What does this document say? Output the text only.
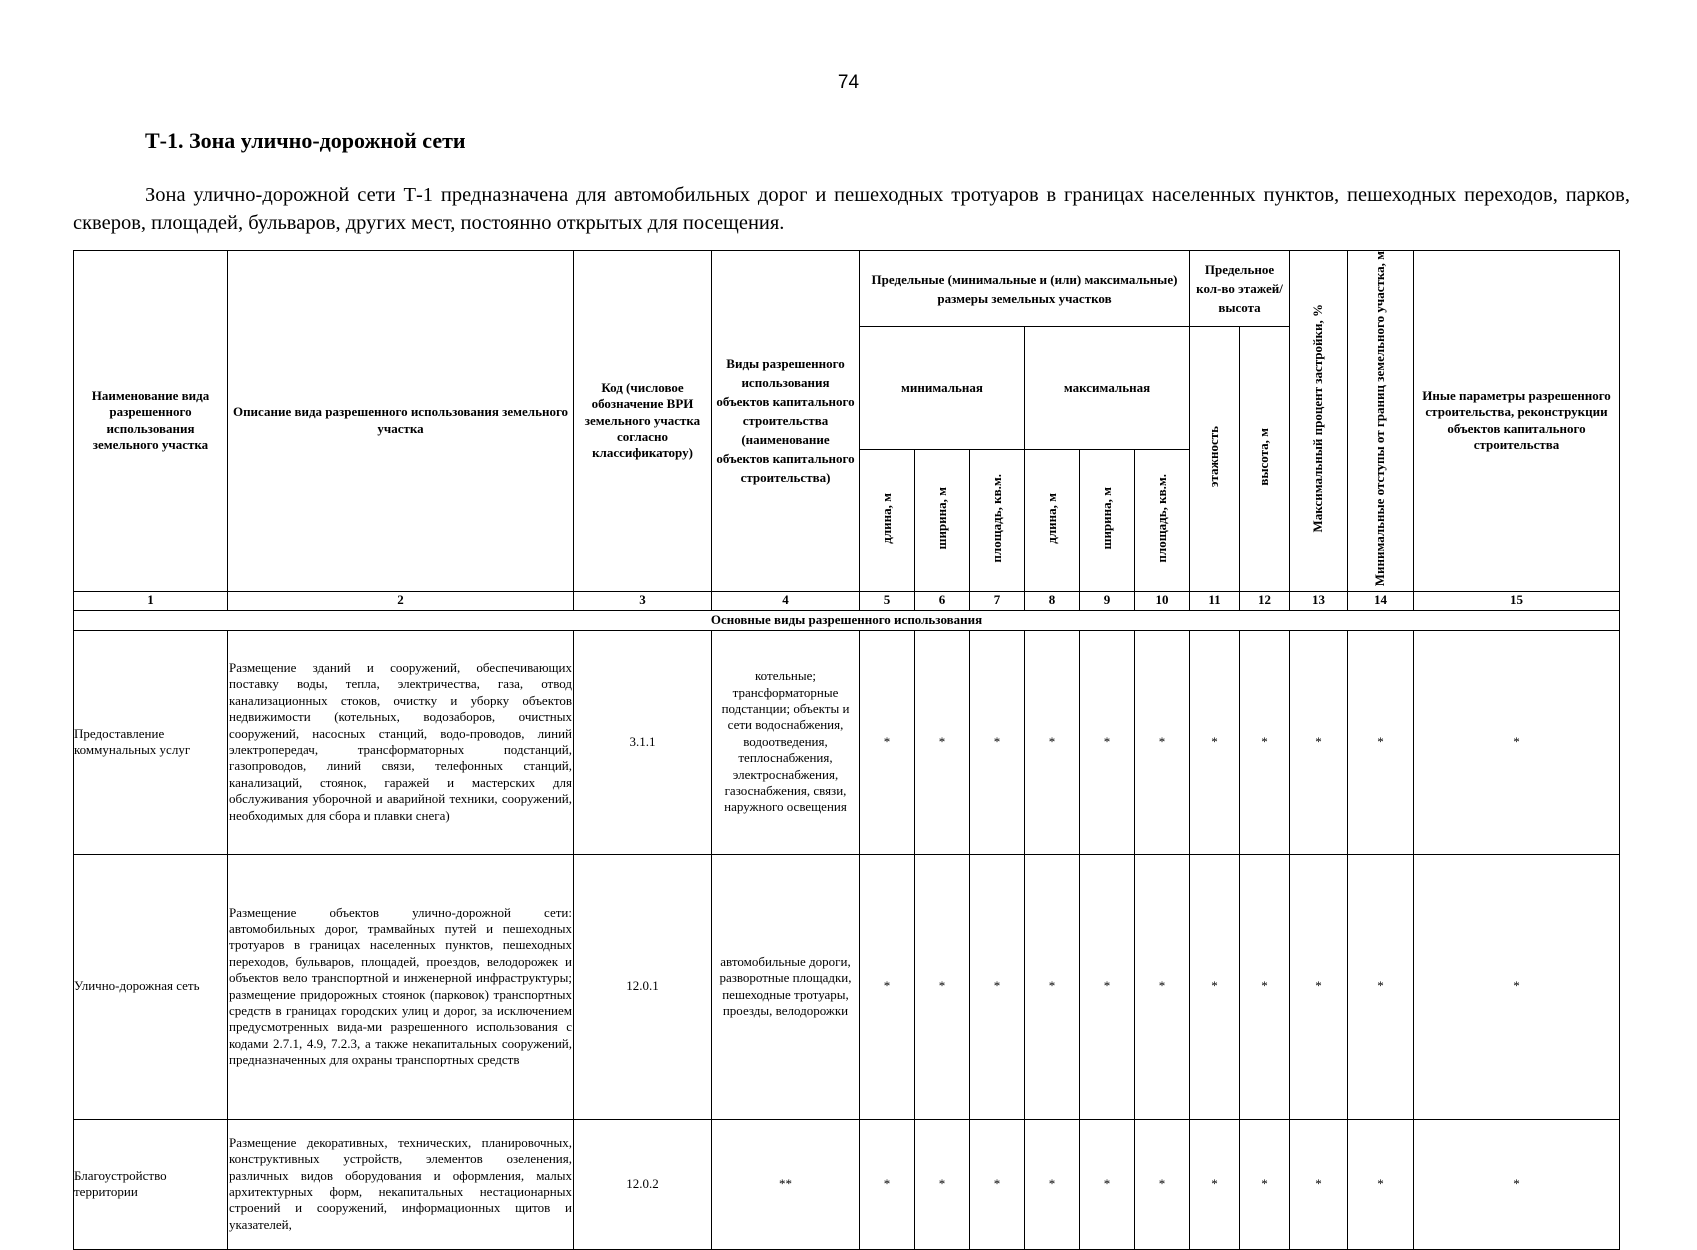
74
Т-1. Зона улично-дорожной сети

Зона улично-дорожной сети Т-1 предназначена для автомобильных дорог и пешеходных тротуаров в границах населенных пунктов, пешеходных переходов, парков, скверов, площадей, бульваров, других мест, постоянно открытых для посещения.

Наименование вида разрешенного использования земельного участка	Описание вида разрешенного использования земельного участка	Код (числовое обозначение ВРИ земельного участка согласно классификатору)	Виды разрешенного использования объектов капитального строительства (наименование объектов капитального строительства)	Предельные (минимальные и (или) максимальные) размеры земельных участков						Предельное кол-во этажей/ высота		Максимальный процент застройки, %	Минимальные отступы от границ земельного участка, м	Иные параметры разрешенного строительства, реконструкции объектов капитального строительства
				минимальная			максимальная			этажность	высота, м			
				длина, м	ширина, м	площадь, кв.м.	длина, м	ширина, м	площадь, кв.м.					
1	2	3	4	5	6	7	8	9	10	11	12	13	14	15
Основные виды разрешенного использования														
Предоставление коммунальных услуг	Размещение зданий и сооружений, обеспечивающих поставку воды, тепла, электричества, газа, отвод канализационных стоков, очистку и уборку объектов недвижимости (котельных, водозаборов, очистных сооружений, насосных станций, водо-проводов, линий электропередач, трансформаторных подстанций, газопроводов, линий связи, телефонных станций, канализаций, стоянок, гаражей и мастерских для обслуживания уборочной и аварийной техники, сооружений, необходимых для сбора и плавки снега)	3.1.1	котельные; трансформаторные подстанции; объекты и сети водоснабжения, водоотведения, теплоснабжения, электроснабжения, газоснабжения, связи, наружного освещения	*	*	*	*	*	*	*	*	*	*	*
Улично-дорожная сеть	Размещение объектов улично-дорожной сети: автомобильных дорог, трамвайных путей и пешеходных тротуаров в границах населенных пунктов, пешеходных переходов, бульваров, площадей, проездов, велодорожек и объектов вело транспортной и инженерной инфраструктуры; размещение придорожных стоянок (парковок) транспортных средств в границах городских улиц и дорог, за исключением предусмотренных вида-ми разрешенного использования с кодами 2.7.1, 4.9, 7.2.3, а также некапитальных сооружений, предназначенных для охраны транспортных средств	12.0.1	автомобильные дороги, разворотные площадки, пешеходные тротуары, проезды, велодорожки	*	*	*	*	*	*	*	*	*	*	*
Благоустройство территории	Размещение декоративных, технических, планировочных, конструктивных устройств, элементов озеленения, различных видов оборудования и оформления, малых архитектурных форм, некапитальных нестационарных строений и сооружений, информационных щитов и указателей,	12.0.2	**	*	*	*	*	*	*	*	*	*	*	*
